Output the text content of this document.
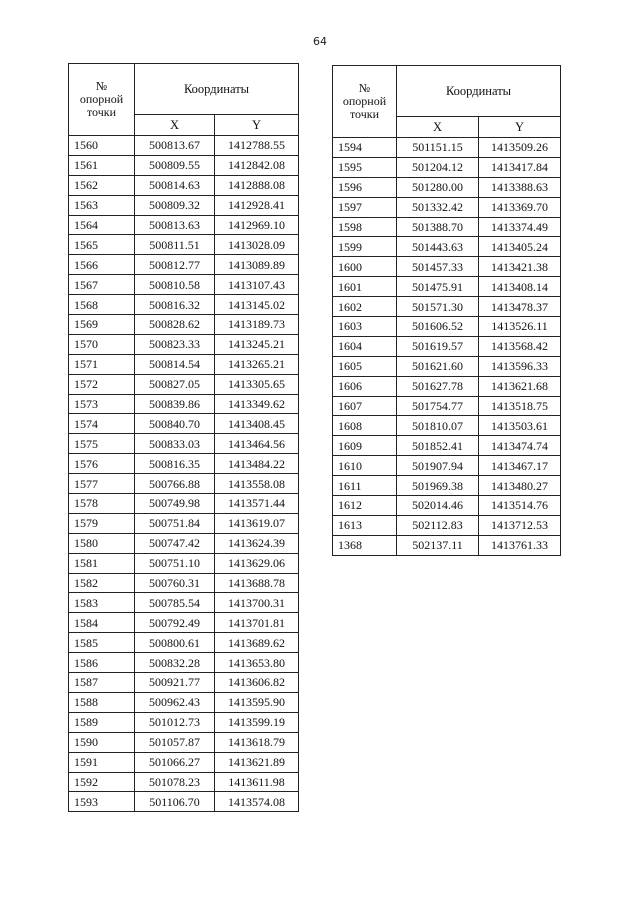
64
№
опорной
точки	Координаты	
	X	Y
1560	500813.67	1412788.55
1561	500809.55	1412842.08
1562	500814.63	1412888.08
1563	500809.32	1412928.41
1564	500813.63	1412969.10
1565	500811.51	1413028.09
1566	500812.77	1413089.89
1567	500810.58	1413107.43
1568	500816.32	1413145.02
1569	500828.62	1413189.73
1570	500823.33	1413245.21
1571	500814.54	1413265.21
1572	500827.05	1413305.65
1573	500839.86	1413349.62
1574	500840.70	1413408.45
1575	500833.03	1413464.56
1576	500816.35	1413484.22
1577	500766.88	1413558.08
1578	500749.98	1413571.44
1579	500751.84	1413619.07
1580	500747.42	1413624.39
1581	500751.10	1413629.06
1582	500760.31	1413688.78
1583	500785.54	1413700.31
1584	500792.49	1413701.81
1585	500800.61	1413689.62
1586	500832.28	1413653.80
1587	500921.77	1413606.82
1588	500962.43	1413595.90
1589	501012.73	1413599.19
1590	501057.87	1413618.79
1591	501066.27	1413621.89
1592	501078.23	1413611.98
1593	501106.70	1413574.08
№
опорной
точки	Координаты	
	X	Y
1594	501151.15	1413509.26
1595	501204.12	1413417.84
1596	501280.00	1413388.63
1597	501332.42	1413369.70
1598	501388.70	1413374.49
1599	501443.63	1413405.24
1600	501457.33	1413421.38
1601	501475.91	1413408.14
1602	501571.30	1413478.37
1603	501606.52	1413526.11
1604	501619.57	1413568.42
1605	501621.60	1413596.33
1606	501627.78	1413621.68
1607	501754.77	1413518.75
1608	501810.07	1413503.61
1609	501852.41	1413474.74
1610	501907.94	1413467.17
1611	501969.38	1413480.27
1612	502014.46	1413514.76
1613	502112.83	1413712.53
1368	502137.11	1413761.33
